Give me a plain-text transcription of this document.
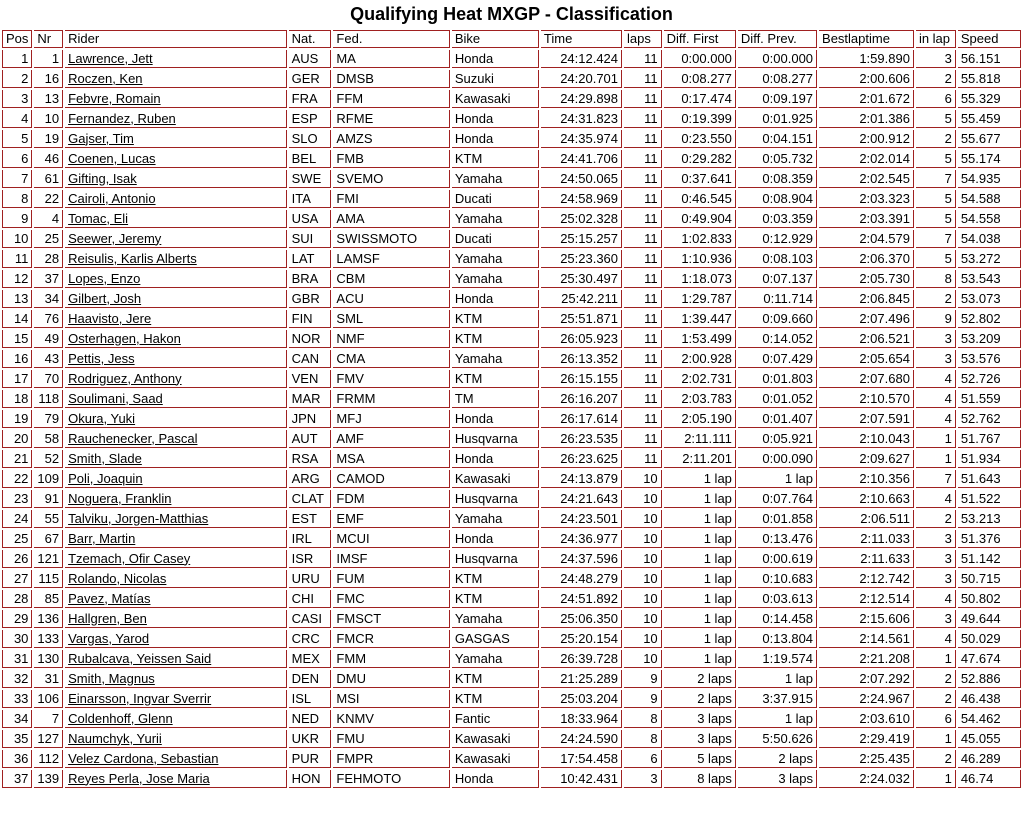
Qualifying Heat MXGP - Classification
Pos	Nr	Rider	Nat.	Fed.	Bike	Time	laps	Diff. First	Diff. Prev.	Bestlaptime	in lap	Speed
1	1	Lawrence, Jett	AUS	MA	Honda	24:12.424	11	0:00.000	0:00.000	1:59.890	3	56.151
2	16	Roczen, Ken	GER	DMSB	Suzuki	24:20.701	11	0:08.277	0:08.277	2:00.606	2	55.818
3	13	Febvre, Romain	FRA	FFM	Kawasaki	24:29.898	11	0:17.474	0:09.197	2:01.672	6	55.329
4	10	Fernandez, Ruben	ESP	RFME	Honda	24:31.823	11	0:19.399	0:01.925	2:01.386	5	55.459
5	19	Gajser, Tim	SLO	AMZS	Honda	24:35.974	11	0:23.550	0:04.151	2:00.912	2	55.677
6	46	Coenen, Lucas	BEL	FMB	KTM	24:41.706	11	0:29.282	0:05.732	2:02.014	5	55.174
7	61	Gifting, Isak	SWE	SVEMO	Yamaha	24:50.065	11	0:37.641	0:08.359	2:02.545	7	54.935
8	22	Cairoli, Antonio	ITA	FMI	Ducati	24:58.969	11	0:46.545	0:08.904	2:03.323	5	54.588
9	4	Tomac, Eli	USA	AMA	Yamaha	25:02.328	11	0:49.904	0:03.359	2:03.391	5	54.558
10	25	Seewer, Jeremy	SUI	SWISSMOTO	Ducati	25:15.257	11	1:02.833	0:12.929	2:04.579	7	54.038
11	28	Reisulis, Karlis Alberts	LAT	LAMSF	Yamaha	25:23.360	11	1:10.936	0:08.103	2:06.370	5	53.272
12	37	Lopes, Enzo	BRA	CBM	Yamaha	25:30.497	11	1:18.073	0:07.137	2:05.730	8	53.543
13	34	Gilbert, Josh	GBR	ACU	Honda	25:42.211	11	1:29.787	0:11.714	2:06.845	2	53.073
14	76	Haavisto, Jere	FIN	SML	KTM	25:51.871	11	1:39.447	0:09.660	2:07.496	9	52.802
15	49	Osterhagen, Hakon	NOR	NMF	KTM	26:05.923	11	1:53.499	0:14.052	2:06.521	3	53.209
16	43	Pettis, Jess	CAN	CMA	Yamaha	26:13.352	11	2:00.928	0:07.429	2:05.654	3	53.576
17	70	Rodriguez, Anthony	VEN	FMV	KTM	26:15.155	11	2:02.731	0:01.803	2:07.680	4	52.726
18	118	Soulimani, Saad	MAR	FRMM	TM	26:16.207	11	2:03.783	0:01.052	2:10.570	4	51.559
19	79	Okura, Yuki	JPN	MFJ	Honda	26:17.614	11	2:05.190	0:01.407	2:07.591	4	52.762
20	58	Rauchenecker, Pascal	AUT	AMF	Husqvarna	26:23.535	11	2:11.111	0:05.921	2:10.043	1	51.767
21	52	Smith, Slade	RSA	MSA	Honda	26:23.625	11	2:11.201	0:00.090	2:09.627	1	51.934
22	109	Poli, Joaquin	ARG	CAMOD	Kawasaki	24:13.879	10	1 lap	1 lap	2:10.356	7	51.643
23	91	Noguera, Franklin	CLAT	FDM	Husqvarna	24:21.643	10	1 lap	0:07.764	2:10.663	4	51.522
24	55	Talviku, Jorgen-Matthias	EST	EMF	Yamaha	24:23.501	10	1 lap	0:01.858	2:06.511	2	53.213
25	67	Barr, Martin	IRL	MCUI	Honda	24:36.977	10	1 lap	0:13.476	2:11.033	3	51.376
26	121	Tzemach, Ofir Casey	ISR	IMSF	Husqvarna	24:37.596	10	1 lap	0:00.619	2:11.633	3	51.142
27	115	Rolando, Nicolas	URU	FUM	KTM	24:48.279	10	1 lap	0:10.683	2:12.742	3	50.715
28	85	Pavez, Matías	CHI	FMC	KTM	24:51.892	10	1 lap	0:03.613	2:12.514	4	50.802
29	136	Hallgren, Ben	CASI	FMSCT	Yamaha	25:06.350	10	1 lap	0:14.458	2:15.606	3	49.644
30	133	Vargas, Yarod	CRC	FMCR	GASGAS	25:20.154	10	1 lap	0:13.804	2:14.561	4	50.029
31	130	Rubalcava, Yeissen Said	MEX	FMM	Yamaha	26:39.728	10	1 lap	1:19.574	2:21.208	1	47.674
32	31	Smith, Magnus	DEN	DMU	KTM	21:25.289	9	2 laps	1 lap	2:07.292	2	52.886
33	106	Einarsson, Ingvar Sverrir	ISL	MSI	KTM	25:03.204	9	2 laps	3:37.915	2:24.967	2	46.438
34	7	Coldenhoff, Glenn	NED	KNMV	Fantic	18:33.964	8	3 laps	1 lap	2:03.610	6	54.462
35	127	Naumchyk, Yurii	UKR	FMU	Kawasaki	24:24.590	8	3 laps	5:50.626	2:29.419	1	45.055
36	112	Velez Cardona, Sebastian	PUR	FMPR	Kawasaki	17:54.458	6	5 laps	2 laps	2:25.435	2	46.289
37	139	Reyes Perla, Jose Maria	HON	FEHMOTO	Honda	10:42.431	3	8 laps	3 laps	2:24.032	1	46.74
